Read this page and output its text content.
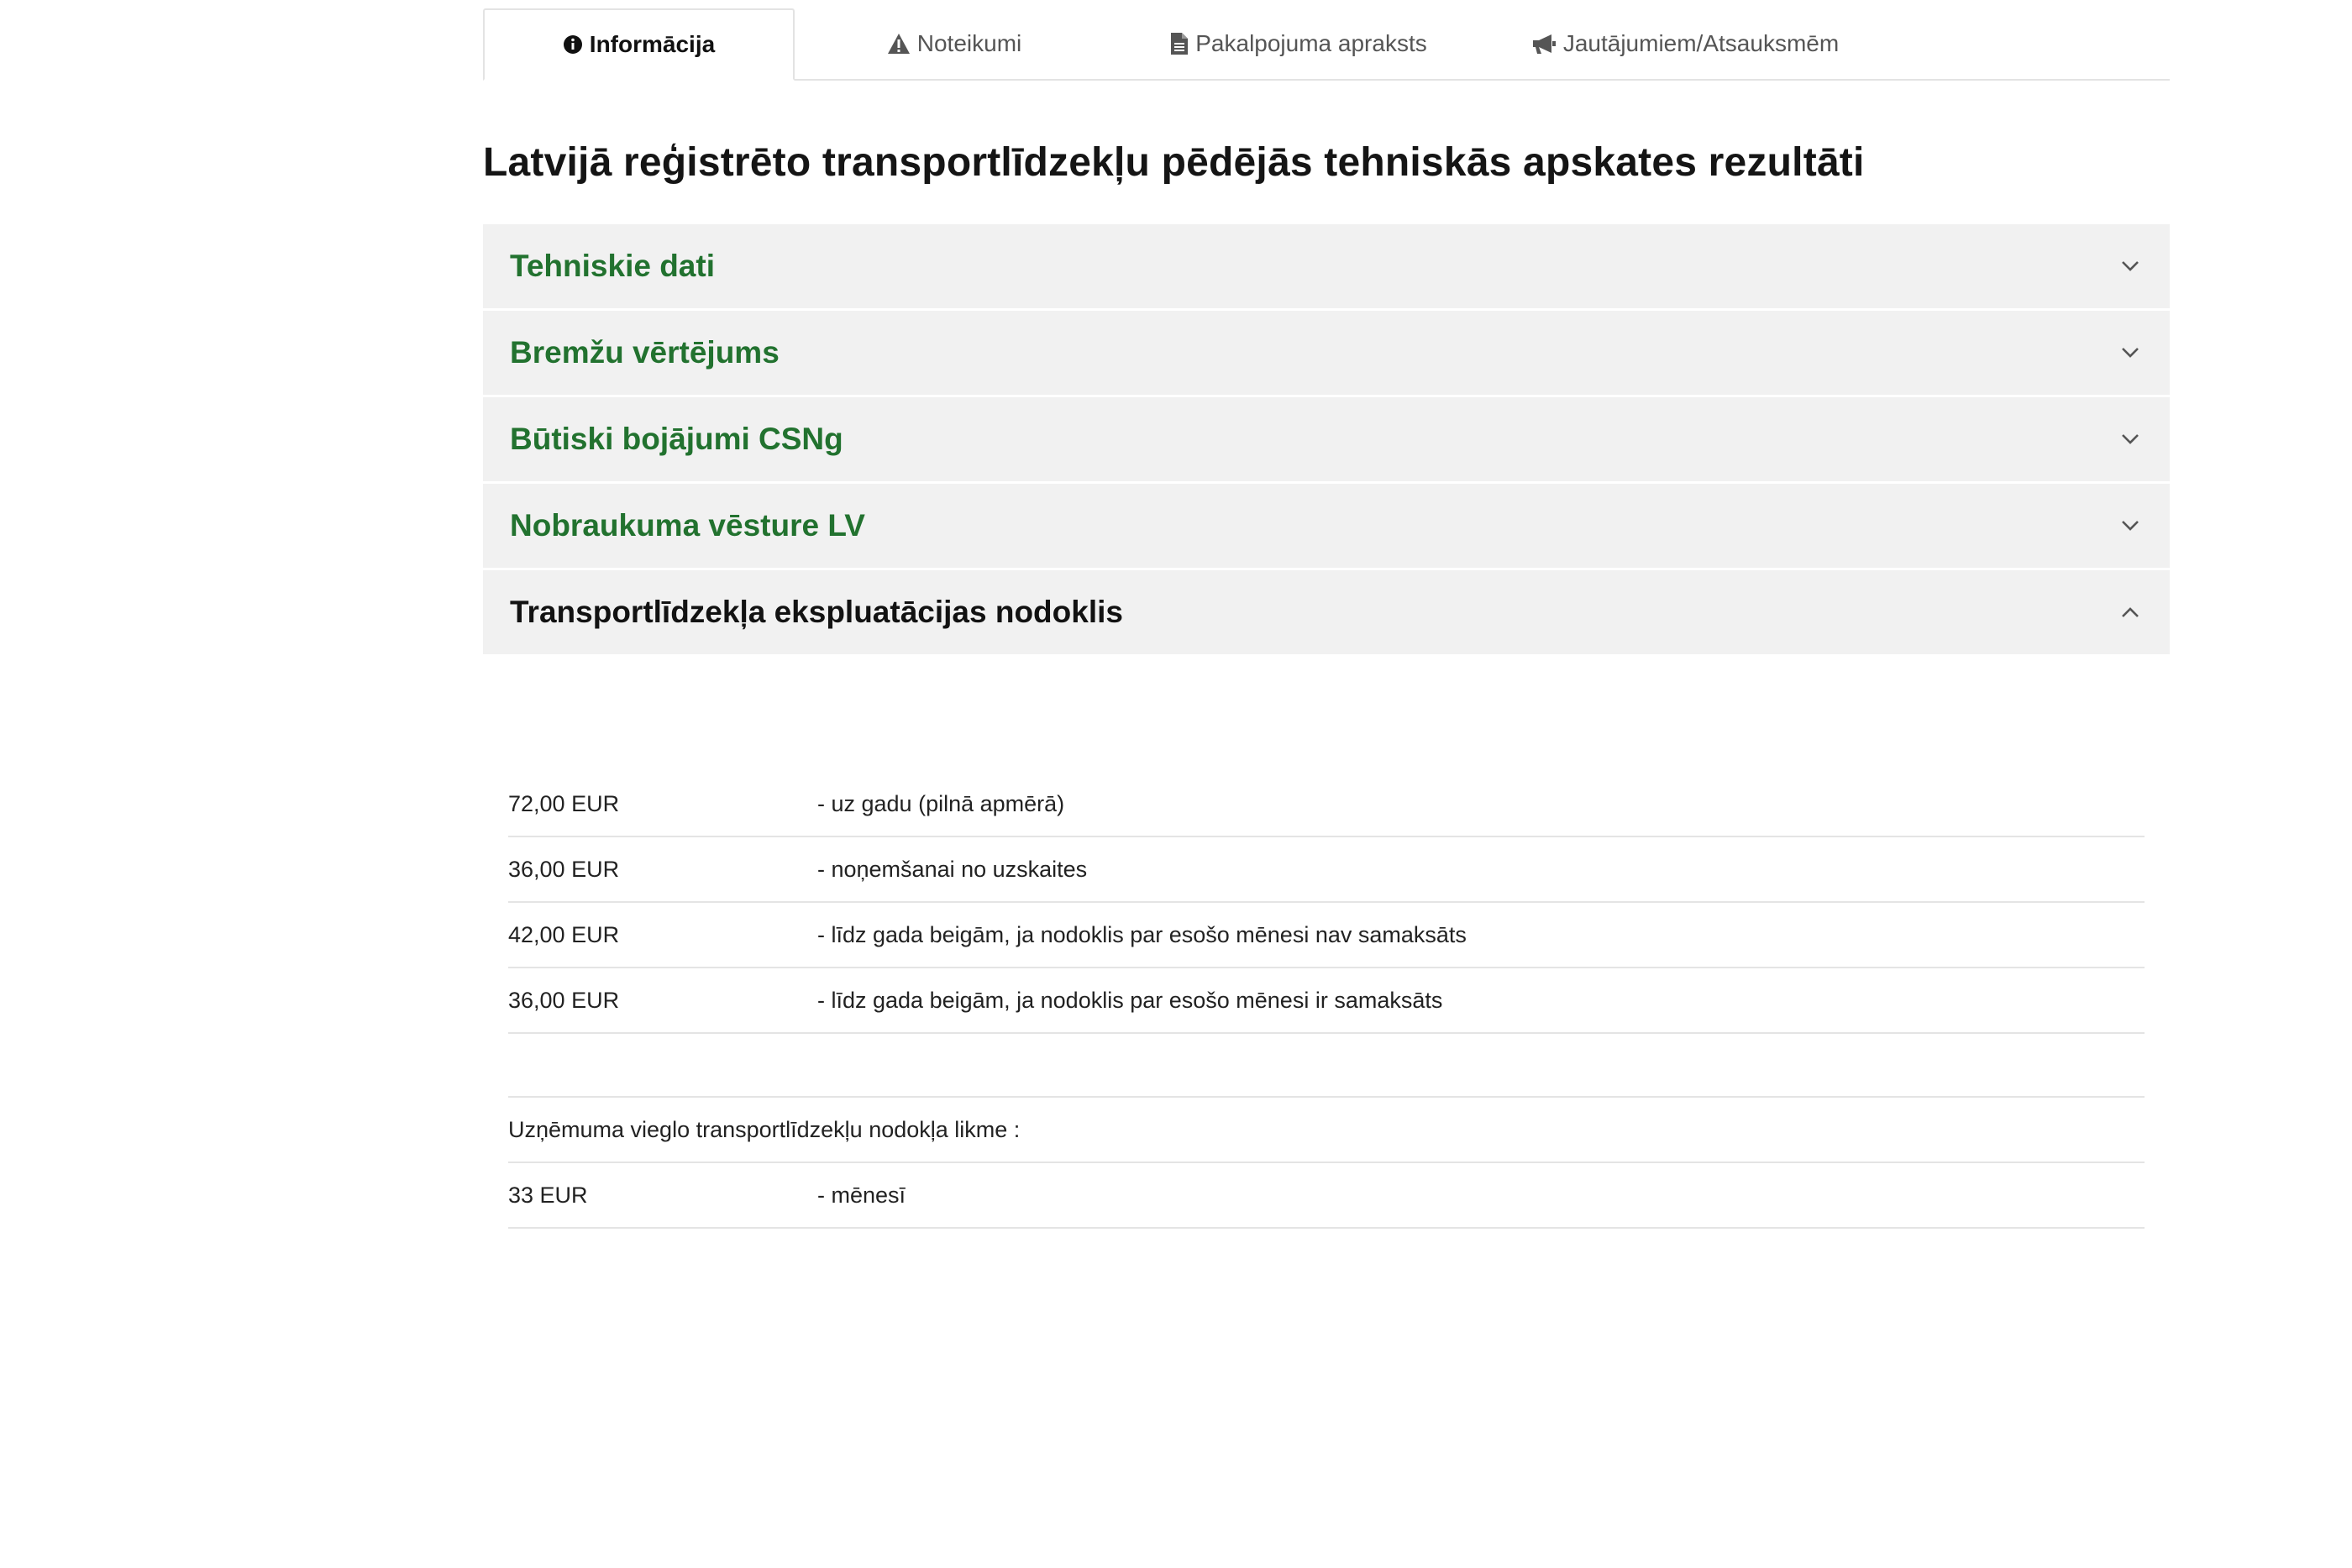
Informācija	Noteikumi	Pakalpojuma apraksts	Jautājumiem/Atsauksmēm
Latvijā reģistrēto transportlīdzekļu pēdējās tehniskās apskates rezultāti
Tehniskie dati
Bremžu vērtējums
Būtiski bojājumi CSNg
Nobraukuma vēsture LV
Transportlīdzekļa ekspluatācijas nodoklis
72,00 EUR	- uz gadu (pilnā apmērā)
36,00 EUR	- noņemšanai no uzskaites
42,00 EUR	- līdz gada beigām, ja nodoklis par esošo mēnesi nav samaksāts
36,00 EUR	- līdz gada beigām, ja nodoklis par esošo mēnesi ir samaksāts
Uzņēmuma vieglo transportlīdzekļu nodokļa likme :
33 EUR	- mēnesī
